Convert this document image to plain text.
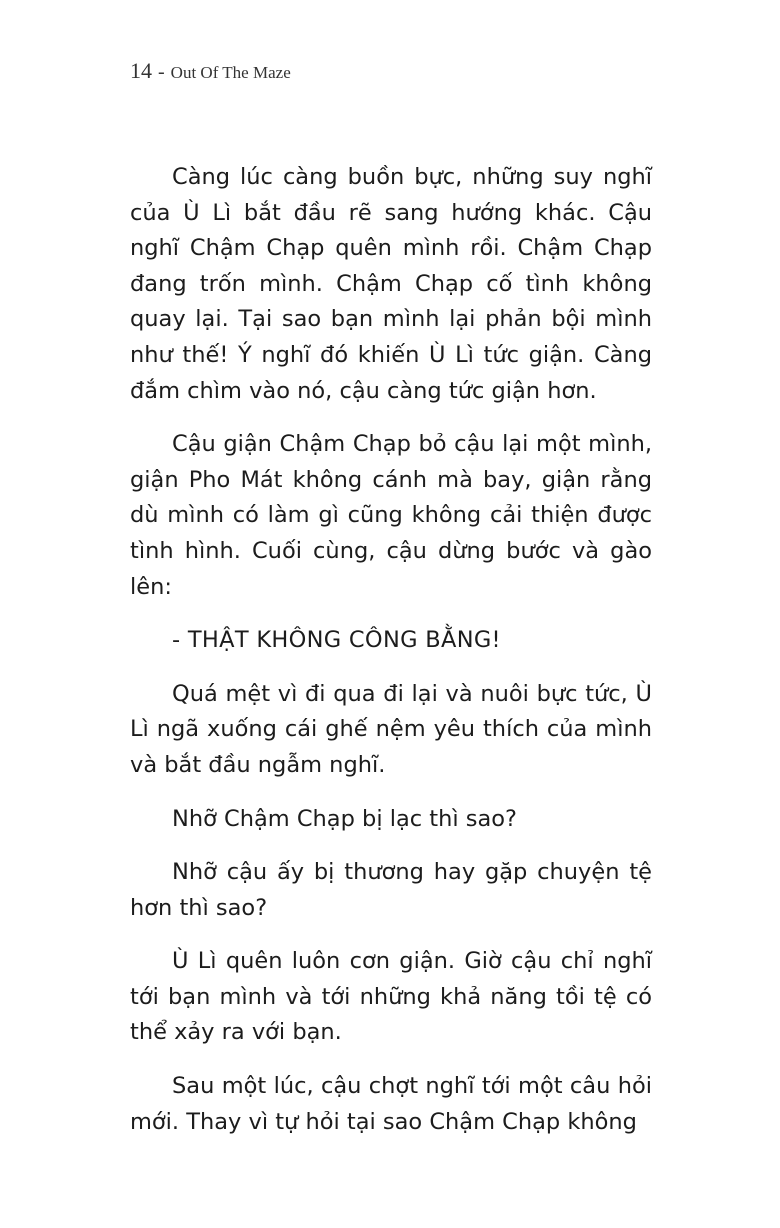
14 - Out Of The Maze

Càng lúc càng buồn bực, những suy nghĩ của Ù Lì bắt đầu rẽ sang hướng khác. Cậu nghĩ Chậm Chạp quên mình rồi. Chậm Chạp đang trốn mình. Chậm Chạp cố tình không quay lại. Tại sao bạn mình lại phản bội mình như thế! Ý nghĩ đó khiến Ù Lì tức giận. Càng đắm chìm vào nó, cậu càng tức giận hơn.

Cậu giận Chậm Chạp bỏ cậu lại một mình, giận Pho Mát không cánh mà bay, giận rằng dù mình có làm gì cũng không cải thiện được tình hình. Cuối cùng, cậu dừng bước và gào lên:

- THẬT KHÔNG CÔNG BẰNG!

Quá mệt vì đi qua đi lại và nuôi bực tức, Ù Lì ngã xuống cái ghế nệm yêu thích của mình và bắt đầu ngẫm nghĩ.

Nhỡ Chậm Chạp bị lạc thì sao?

Nhỡ cậu ấy bị thương hay gặp chuyện tệ hơn thì sao?

Ù Lì quên luôn cơn giận. Giờ cậu chỉ nghĩ tới bạn mình và tới những khả năng tồi tệ có thể xảy ra với bạn.

Sau một lúc, cậu chợt nghĩ tới một câu hỏi mới. Thay vì tự hỏi tại sao Chậm Chạp không
